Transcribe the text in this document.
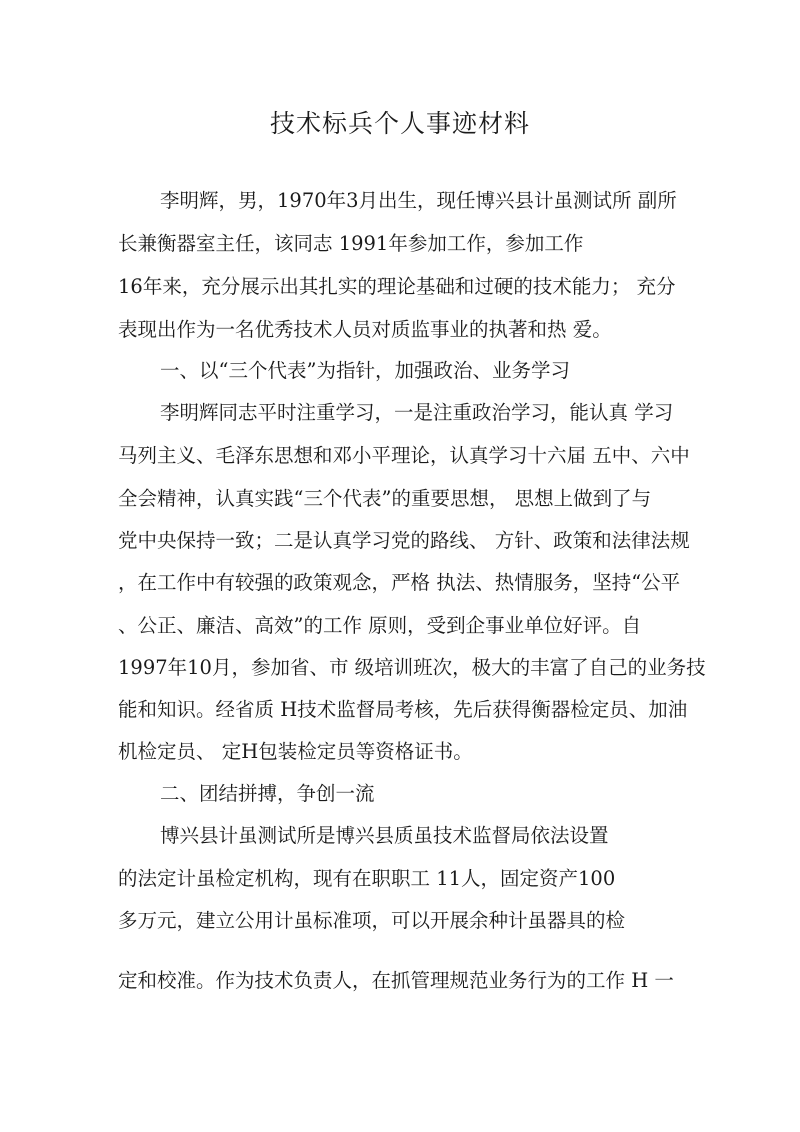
技术标兵个人事迹材料

李明辉，男，1970年3月出生，现任博兴县计虽测试所 副所

长兼衡器室主任，该同志 1991年参加工作，参加工作

16年来，充分展示出其扎实的理论基础和过硬的技术能力； 充分

表现出作为一名优秀技术人员对质监事业的执著和热 爱。

一、以“三个代表”为指针，加强政治、业务学习

李明辉同志平时注重学习，一是注重政治学习，能认真 学习

马列主义、毛泽东思想和邓小平理论，认真学习十六届 五中、六中

全会精神，认真实践“三个代表”的重要思想， 思想上做到了与

党中央保持一致；二是认真学习党的路线、 方针、政策和法律法规

，在工作中有较强的政策观念，严格 执法、热情服务，坚持“公平

、公正、廉洁、高效”的工作 原则，受到企事业单位好评。自

1997年10月，参加省、市 级培训班次，极大的丰富了自己的业务技

能和知识。经省质 H技术监督局考核，先后获得衡器检定员、加油

机检定员、 定H包装检定员等资格证书。

二、团结拼搏，争创一流

博兴县计虽测试所是博兴县质虽技术监督局依法设置

的法定计虽检定机构，现有在职职工 11人，固定资产100

多万元，建立公用计虽标准项，可以开展余种计虽器具的检

定和校准。作为技术负责人，在抓管理规范业务行为的工作 H 一
